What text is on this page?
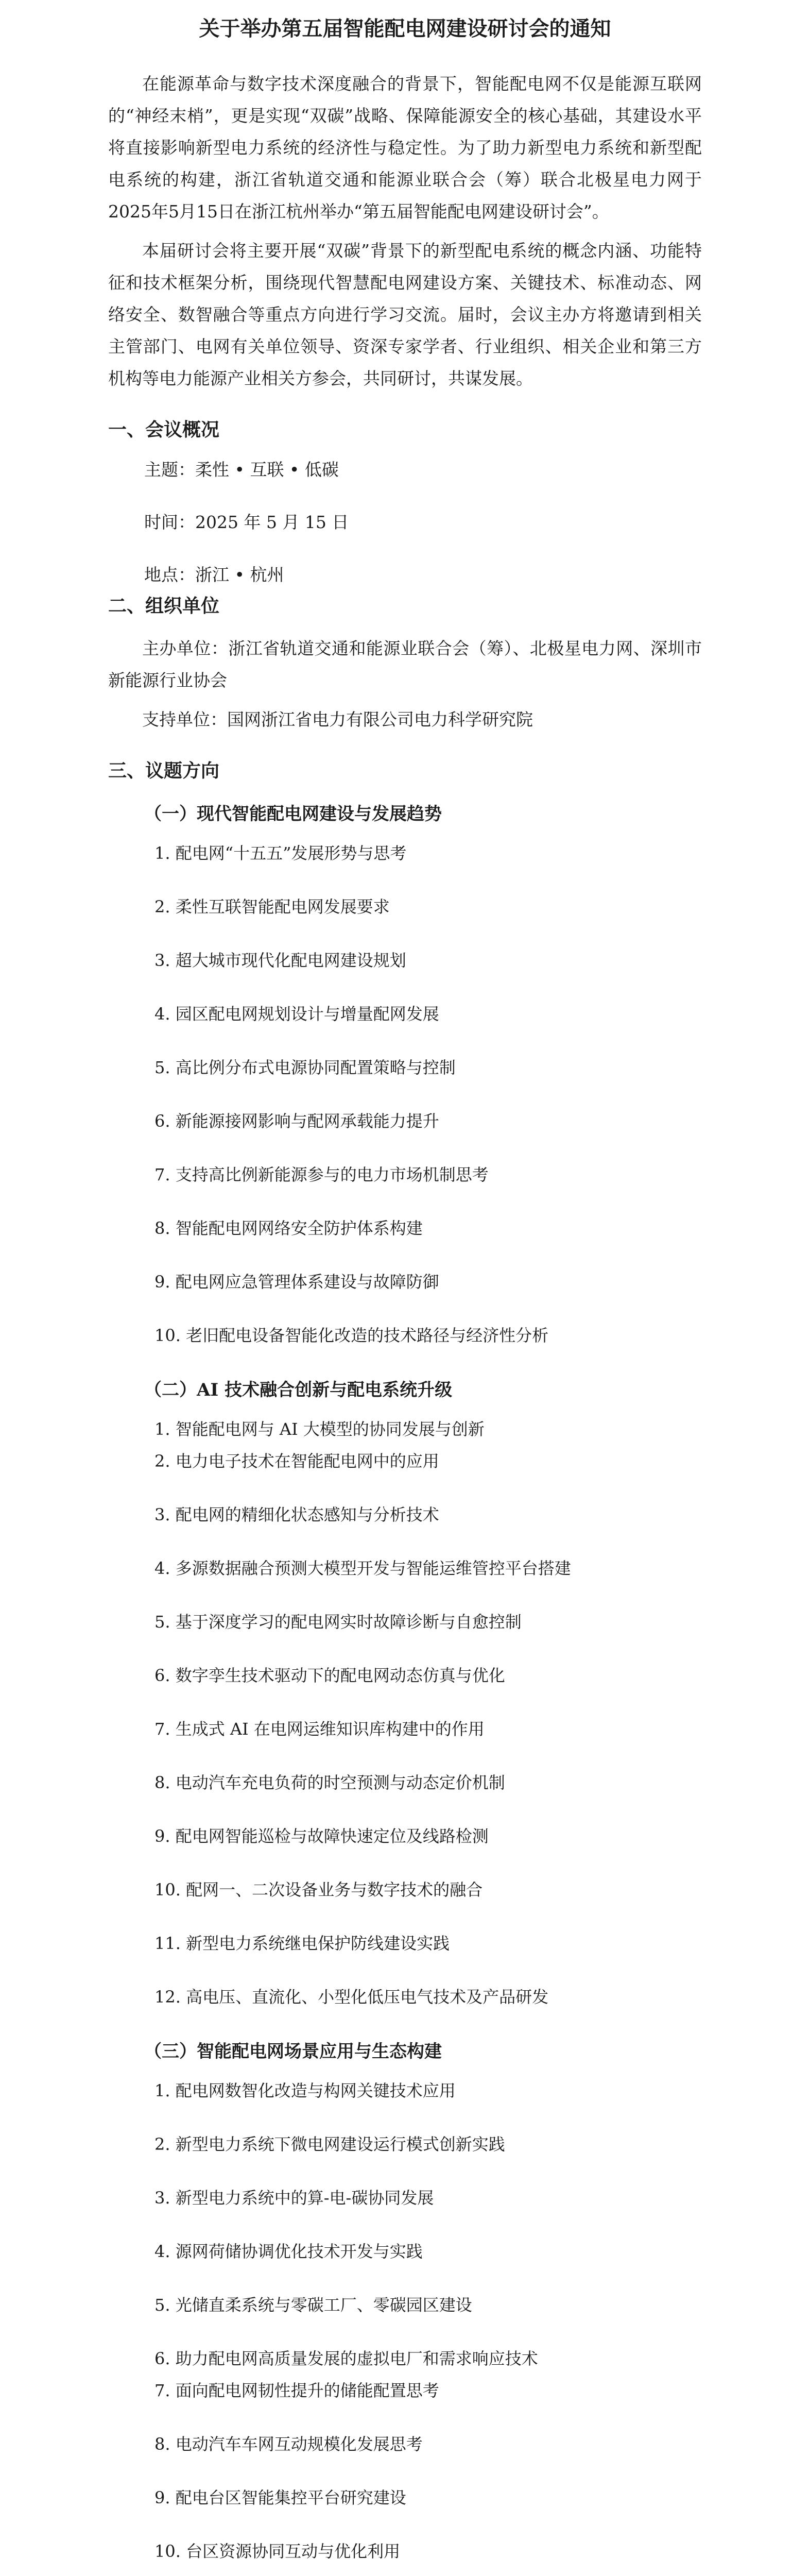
关于举办第五届智能配电网建设研讨会的通知

在能源革命与数字技术深度融合的背景下，智能配电网不仅是能源互联网的“神经末梢”，更是实现“双碳”战略、保障能源安全的核心基础，其建设水平将直接影响新型电力系统的经济性与稳定性。为了助力新型电力系统和新型配电系统的构建，浙江省轨道交通和能源业联合会（筹）联合北极星电力网于2025年5月15日在浙江杭州举办“第五届智能配电网建设研讨会”。

本届研讨会将主要开展“双碳”背景下的新型配电系统的概念内涵、功能特征和技术框架分析，围绕现代智慧配电网建设方案、关键技术、标准动态、网络安全、数智融合等重点方向进行学习交流。届时，会议主办方将邀请到相关主管部门、电网有关单位领导、资深专家学者、行业组织、相关企业和第三方机构等电力能源产业相关方参会，共同研讨，共谋发展。

一、会议概况
主题：柔性 • 互联 • 低碳
时间：2025 年 5 月 15 日
地点：浙江 • 杭州
二、组织单位

主办单位：浙江省轨道交通和能源业联合会（筹）、北极星电力网、深圳市新能源行业协会

支持单位：国网浙江省电力有限公司电力科学研究院

三、议题方向
（一）现代智能配电网建设与发展趋势
1. 配电网“十五五”发展形势与思考
2. 柔性互联智能配电网发展要求
3. 超大城市现代化配电网建设规划
4. 园区配电网规划设计与增量配网发展
5. 高比例分布式电源协同配置策略与控制
6. 新能源接网影响与配网承载能力提升
7. 支持高比例新能源参与的电力市场机制思考
8. 智能配电网网络安全防护体系构建
9. 配电网应急管理体系建设与故障防御
10. 老旧配电设备智能化改造的技术路径与经济性分析
（二）AI 技术融合创新与配电系统升级
1. 智能配电网与 AI 大模型的协同发展与创新
2. 电力电子技术在智能配电网中的应用
3. 配电网的精细化状态感知与分析技术
4. 多源数据融合预测大模型开发与智能运维管控平台搭建
5. 基于深度学习的配电网实时故障诊断与自愈控制
6. 数字孪生技术驱动下的配电网动态仿真与优化
7. 生成式 AI 在电网运维知识库构建中的作用
8. 电动汽车充电负荷的时空预测与动态定价机制
9. 配电网智能巡检与故障快速定位及线路检测
10. 配网一、二次设备业务与数字技术的融合
11. 新型电力系统继电保护防线建设实践
12. 高电压、直流化、小型化低压电气技术及产品研发
（三）智能配电网场景应用与生态构建
1. 配电网数智化改造与构网关键技术应用
2. 新型电力系统下微电网建设运行模式创新实践
3. 新型电力系统中的算-电-碳协同发展
4. 源网荷储协调优化技术开发与实践
5. 光储直柔系统与零碳工厂、零碳园区建设
6. 助力配电网高质量发展的虚拟电厂和需求响应技术
7. 面向配电网韧性提升的储能配置思考
8. 电动汽车车网互动规模化发展思考
9. 配电台区智能集控平台研究建设
10. 台区资源协同互动与优化利用
